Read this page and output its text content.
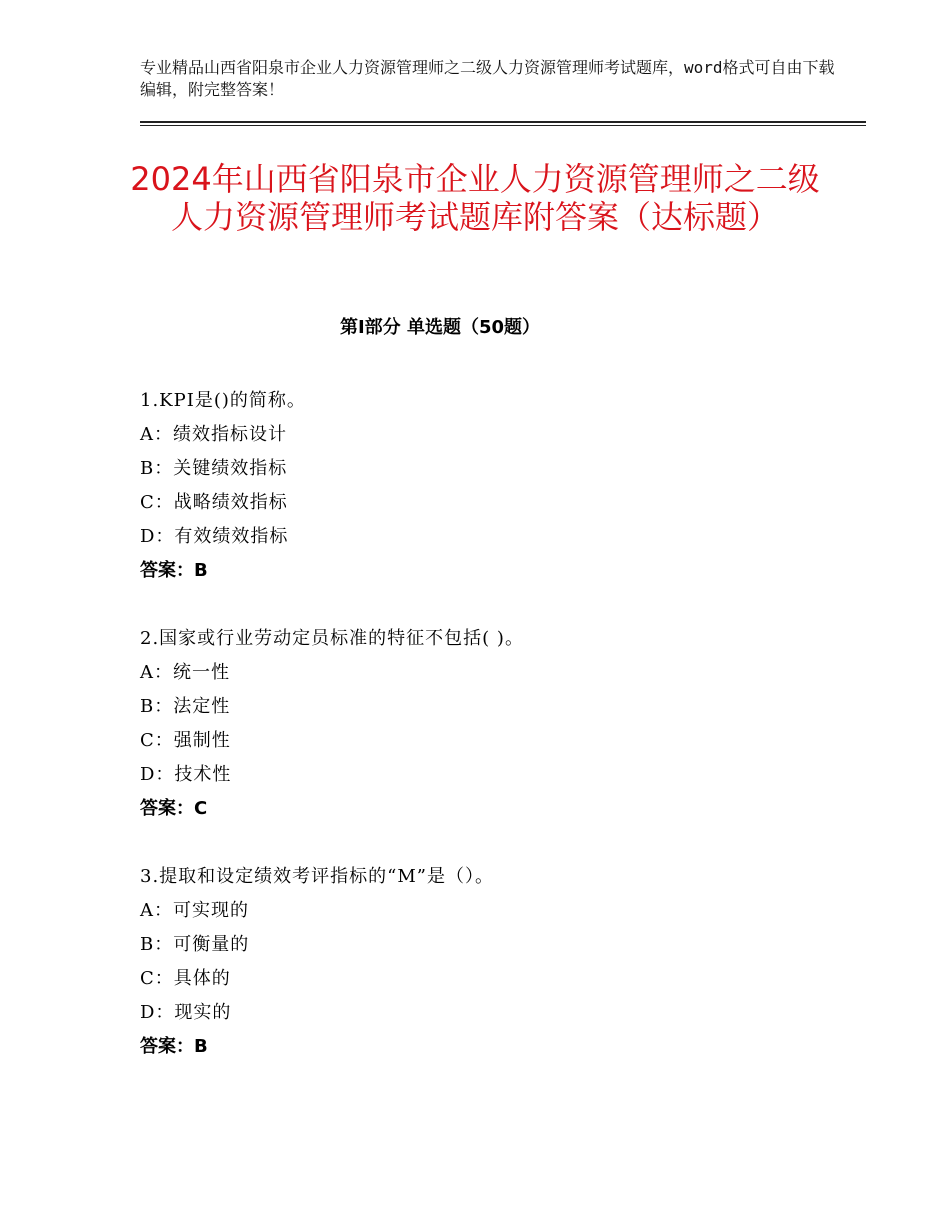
专业精品山西省阳泉市企业人力资源管理师之二级人力资源管理师考试题库，word格式可自由下载编辑，附完整答案！
2024年山西省阳泉市企业人力资源管理师之二级人力资源管理师考试题库附答案（达标题）
第Ⅰ部分 单选题（50题）
1.KPI是()的简称。
A：绩效指标设计
B：关键绩效指标
C：战略绩效指标
D：有效绩效指标
答案：B
2.国家或行业劳动定员标准的特征不包括( )。
A：统一性
B：法定性
C：强制性
D：技术性
答案：C
3.提取和设定绩效考评指标的“M”是（）。
A：可实现的
B：可衡量的
C：具体的
D：现实的
答案：B
